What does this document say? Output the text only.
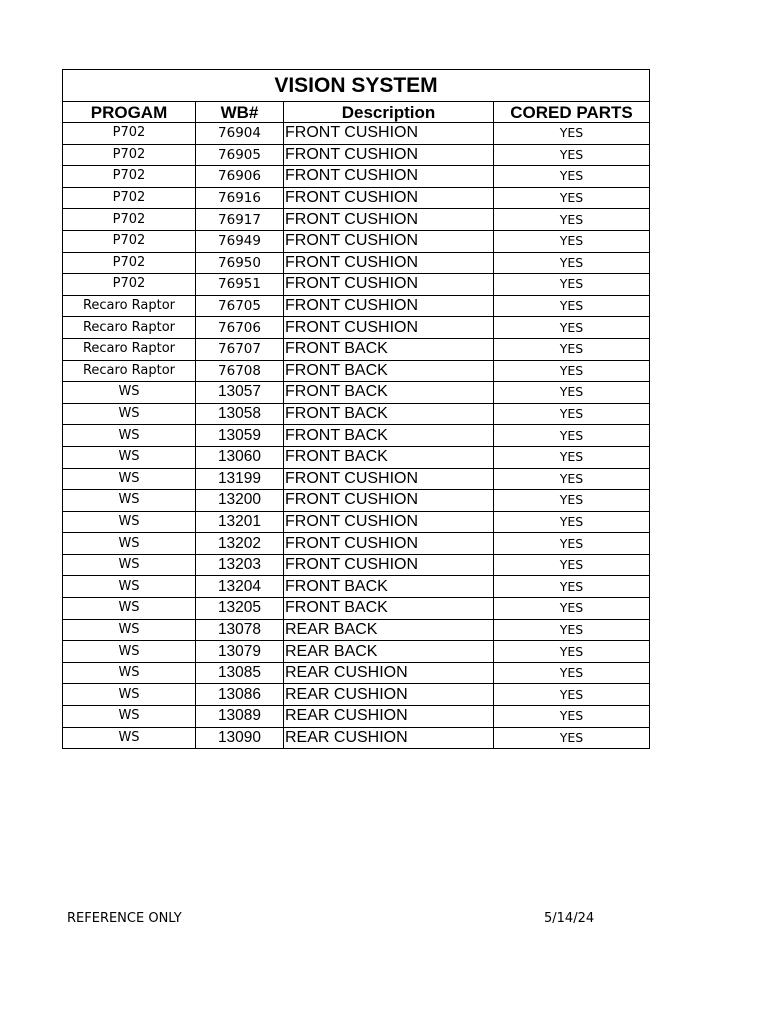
VISION SYSTEM			
PROGAM	WB#	Description	CORED PARTS
P702	76904	FRONT CUSHION	YES
P702	76905	FRONT CUSHION	YES
P702	76906	FRONT CUSHION	YES
P702	76916	FRONT CUSHION	YES
P702	76917	FRONT CUSHION	YES
P702	76949	FRONT CUSHION	YES
P702	76950	FRONT CUSHION	YES
P702	76951	FRONT CUSHION	YES
Recaro Raptor	76705	FRONT CUSHION	YES
Recaro Raptor	76706	FRONT CUSHION	YES
Recaro Raptor	76707	FRONT BACK	YES
Recaro Raptor	76708	FRONT BACK	YES
WS	13057	FRONT BACK	YES
WS	13058	FRONT BACK	YES
WS	13059	FRONT BACK	YES
WS	13060	FRONT BACK	YES
WS	13199	FRONT CUSHION	YES
WS	13200	FRONT CUSHION	YES
WS	13201	FRONT CUSHION	YES
WS	13202	FRONT CUSHION	YES
WS	13203	FRONT CUSHION	YES
WS	13204	FRONT BACK	YES
WS	13205	FRONT BACK	YES
WS	13078	REAR BACK	YES
WS	13079	REAR BACK	YES
WS	13085	REAR CUSHION	YES
WS	13086	REAR CUSHION	YES
WS	13089	REAR CUSHION	YES
WS	13090	REAR CUSHION	YES
REFERENCE ONLY	5/14/24
